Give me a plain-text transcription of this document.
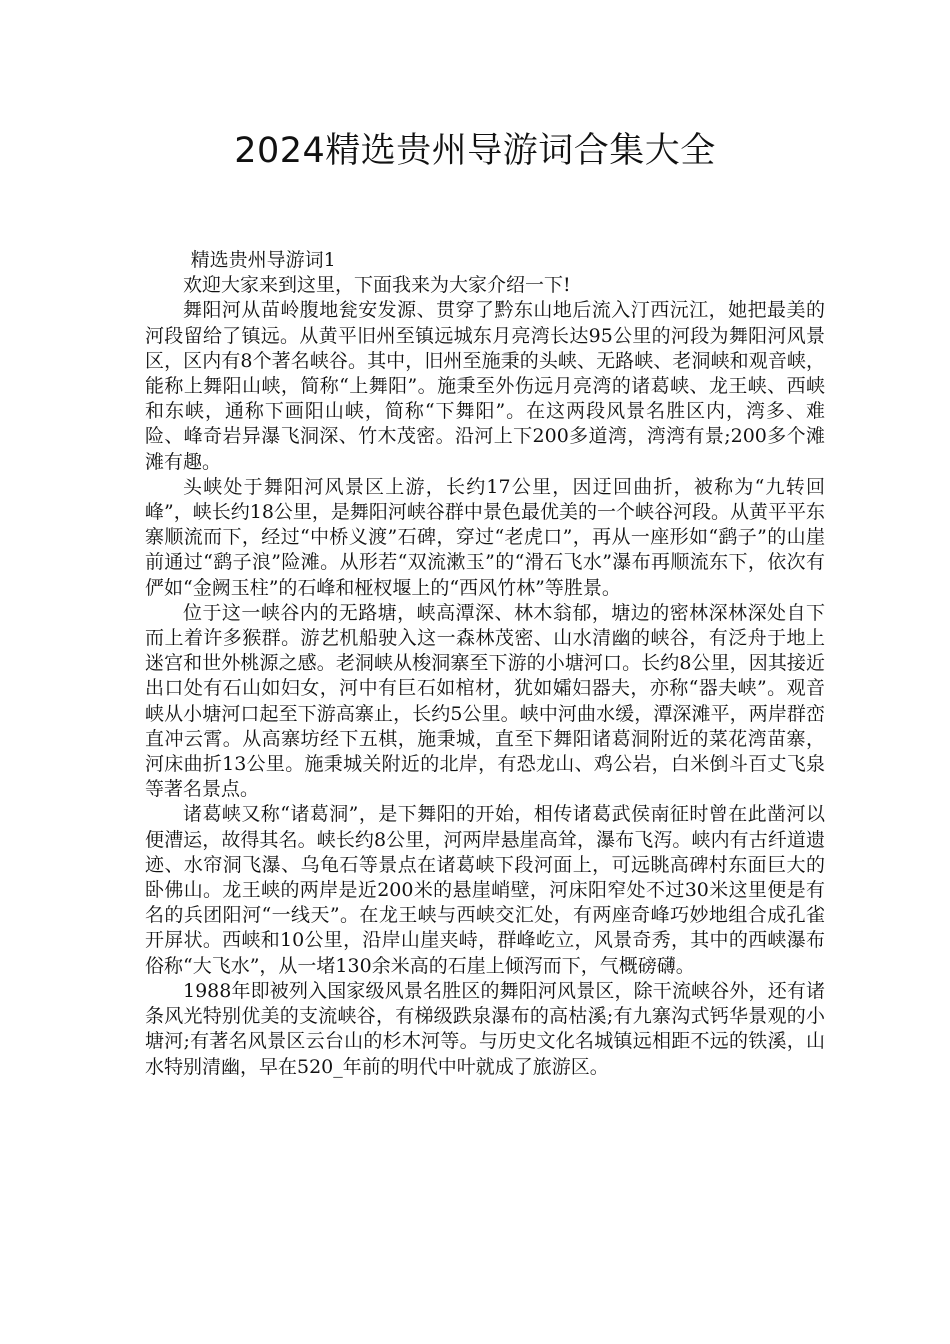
2024精选贵州导游词合集大全

精选贵州导游词1

欢迎大家来到这里，下面我来为大家介绍一下!

舞阳河从苗岭腹地瓮安发源、贯穿了黔东山地后流入汀西沅江，她把最美的河段留给了镇远。从黄平旧州至镇远城东月亮湾长达95公里的河段为舞阳河风景区，区内有8个著名峡谷。其中，旧州至施秉的头峡、无路峡、老洞峡和观音峡，能称上舞阳山峡，简称“上舞阳”。施秉至外伤远月亮湾的诸葛峡、龙王峡、西峡和东峡，通称下画阳山峡，简称“下舞阳”。在这两段风景名胜区内，湾多、难险、峰奇岩异瀑飞洞深、竹木茂密。沿河上下200多道湾，湾湾有景;200多个滩滩有趣。

头峡处于舞阳河风景区上游，长约17公里，因迂回曲折，被称为“九转回峰”，峡长约18公里，是舞阳河峡谷群中景色最优美的一个峡谷河段。从黄平平东寨顺流而下，经过“中桥义渡”石碑，穿过“老虎口”，再从一座形如“鹞子”的山崖前通过“鹞子浪”险滩。从形若“双流漱玉”的“滑石飞水”瀑布再顺流东下，依次有俨如“金阙玉柱”的石峰和桠杈堰上的“西风竹林”等胜景。

位于这一峡谷内的无路塘，峡高潭深、林木翁郁，塘边的密林深林深处自下而上着许多猴群。游艺机船驶入这一森林茂密、山水清幽的峡谷，有泛舟于地上迷宫和世外桃源之感。老洞峡从梭洞寨至下游的小塘河口。长约8公里，因其接近出口处有石山如妇女，河中有巨石如棺材，犹如孀妇器夫，亦称“器夫峡”。观音峡从小塘河口起至下游高寨止，长约5公里。峡中河曲水缓，潭深滩平，两岸群峦直冲云霄。从高寨坊经下五棋，施秉城，直至下舞阳诸葛洞附近的菜花湾苗寨，河床曲折13公里。施秉城关附近的北岸，有恐龙山、鸡公岩，白米倒斗百丈飞泉等著名景点。

诸葛峡又称“诸葛洞”，是下舞阳的开始，相传诸葛武侯南征时曾在此凿河以便漕运，故得其名。峡长约8公里，河两岸悬崖高耸，瀑布飞泻。峡内有古纤道遗迹、水帘洞飞瀑、乌龟石等景点在诸葛峡下段河面上，可远眺高碑村东面巨大的卧佛山。龙王峡的两岸是近200米的悬崖峭壁，河床阳窄处不过30米这里便是有名的兵团阳河“一线天”。在龙王峡与西峡交汇处，有两座奇峰巧妙地组合成孔雀开屏状。西峡和10公里，沿岸山崖夹峙，群峰屹立，风景奇秀，其中的西峡瀑布俗称“大飞水”，从一堵130余米高的石崖上倾泻而下，气概磅礴。

1988年即被列入国家级风景名胜区的舞阳河风景区，除干流峡谷外，还有诸条风光特别优美的支流峡谷，有梯级跌泉瀑布的高枯溪;有九寨沟式钙华景观的小塘河;有著名风景区云台山的杉木河等。与历史文化名城镇远相距不远的铁溪，山水特别清幽，早在520_年前的明代中叶就成了旅游区。
